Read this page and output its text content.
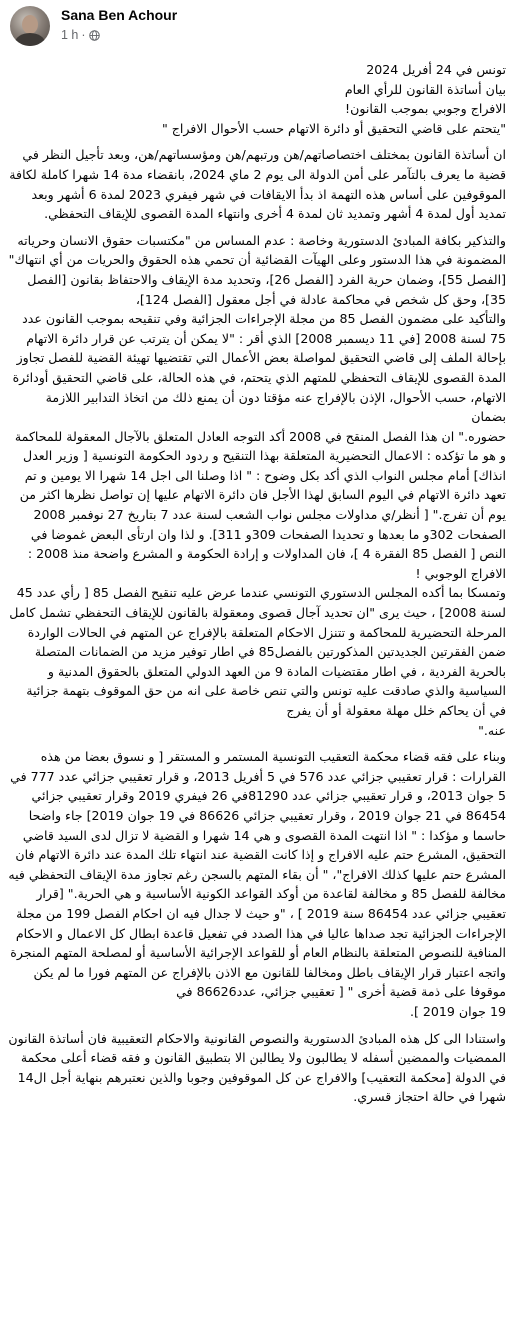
Sana Ben Achour
1 h ·

تونس في 24 أفريل 2024
بيان أساتذة القانون للرأي العام
الافراج وجوبي بموجب القانون!
"يتحتم على قاضي التحقيق أو دائرة الاتهام حسب الأحوال الافراج "

ان أساتذة القانون بمختلف اختصاصاتهم/هن ورتبهم/هن ومؤسساتهم/هن، وبعد تأجيل النظر في قضية ما يعرف بالتآمر على أمن الدولة الى يوم 2 ماي 2024، بانقضاء مدة 14 شهرا كاملة لكافة الموقوفين على أساس هذه التهمة اذ بدأ الايقافات في شهر فيفري 2023 لمدة 6 أشهر وبعد تمديد أول لمدة 4 أشهر وتمديد ثان لمدة 4 أخرى وانتهاء المدة القصوى للإيقاف التحفظي.

والتذكير بكافة المبادئ الدستورية وخاصة : عدم المساس من "مكتسبات حقوق الانسان وحرياته المضمونة في هذا الدستور وعلى الهيآت القضائية أن تحمي هذه الحقوق والحريات من أي انتهاك" [الفصل 55]، وضمان حرية الفرد [الفصل 26]، وتحديد مدة الإيقاف والاحتفاظ بقانون [الفصل 35]، وحق كل شخص في محاكمة عادلة في أجل معقول [الفصل 124]،
والتأكيد على مضمون الفصل 85 من مجلة الإجراءات الجزائية وفي تنقيحه بموجب القانون عدد 75 لسنة 2008 [في 11 ديسمبر 2008] الذي أقر : "لا يمكن أن يترتب عن قرار دائرة الاتهام بإحالة الملف إلى قاضي التحقيق لمواصلة بعض الأعمال التي تقتضيها تهيئة القضية للفصل تجاوز المدة القصوى للإيقاف التحفظي للمتهم الذي يتحتم، في هذه الحالة، على قاضي التحقيق أودائرة الاتهام، حسب الأحوال، الإذن بالإفراج عنه مؤقتا دون أن يمنع ذلك من اتخاذ التدابير اللازمة بضمان
حضوره." ان هذا الفصل المنقح في 2008 أكد التوجه العادل المتعلق بالآجال المعقولة للمحاكمة و هو ما تؤكده : الاعمال التحضيرية المتعلقة بهذا التنقيح و ردود الحكومة التونسية [ وزير العدل انذاك] أمام مجلس النواب الذي أكد بكل وضوح : " اذا وصلنا الى اجل 14 شهرا الا يومين و تم تعهد دائرة الاتهام في اليوم السابق لهذا الأجل فان دائرة الاتهام عليها إن تواصل نظرها اكثر من يوم أن تفرج." [ أنظر/ي مداولات مجلس نواب الشعب لسنة عدد 7 بتاريخ 27 نوفمبر 2008 الصفحات 302و ما بعدها و تحديدا الصفحات 309و 311]. و لذا وان ارتأى البعض غموضا في النص [ الفصل 85 الفقرة 4 ]، فان المداولات و إرادة الحكومة و المشرع واضحة منذ 2008 : الافراج الوجوبي !
وتمسكا بما أكده المجلس الدستوري التونسي عندما عرض عليه تنقيح الفصل 85 [ رأي عدد 45 لسنة 2008] ، حيث يرى "ان تحديد آجال قصوى ومعقولة بالقانون للإيقاف التحفظي تشمل كامل المرحلة التحضيرية للمحاكمة و تتنزل الاحكام المتعلقة بالإفراج عن المتهم في الحالات الواردة ضمن الفقرتين الجديدتين المذكورتين بالفصل85 في اطار توفير مزيد من الضمانات المتصلة بالحرية الفردية ، في اطار مقتضيات المادة 9 من العهد الدولي المتعلق بالحقوق المدنية و السياسية والذي صادقت عليه تونس والتي تنص خاصة على انه من حق الموقوف بتهمة جزائية في أن يحاكم خلل مهلة معقولة أو أن يفرج
عنه."

وبناء على فقه قضاء محكمة التعقيب التونسية المستمر و المستقر [ و نسوق بعضا من هذه القرارات : قرار تعقيبي جزائي عدد 576 في 5 أفريل 2013، و قرار تعقيبي جزائي عدد 777 في 5 جوان 2013، و قرار تعقيبي جزائي عدد 81290في 26 فيفري 2019 وقرار تعقيبي جزائي 86454 في 21 جوان 2019 ، وقرار تعقيبي جزائي 86626 في 19 جوان 2019] جاء واضحا حاسما و مؤكدا : " اذا انتهت المدة القصوى و هي 14 شهرا و القضية لا تزال لدى السيد قاضي التحقيق، المشرع حتم عليه الافراج و إذا كانت القضية عند انتهاء تلك المدة عند دائرة الاتهام فان المشرع حتم عليها كذلك الافراج"، " أن بقاء المتهم بالسجن رغم تجاوز مدة الإيقاف التحفظي فيه مخالفة للفصل 85 و مخالفة لقاعدة من أوكد القواعد الكونية الأساسية و هي الحرية." [قرار تعقيبي جزائي عدد 86454 سنة 2019 ] ، "و حيث لا جدال فيه ان احكام الفصل 199 من مجلة الإجراءات الجزائية تجد صداها عاليا في هذا الصدد في تفعيل قاعدة ابطال كل الاعمال و الاحكام المنافية للنصوص المتعلقة بالنظام العام أو للقواعد الإجرائية الأساسية أو لمصلحة المتهم المنجرة واتجه اعتبار قرار الإيقاف باطل ومخالفا للقانون مع الاذن بالإفراج عن المتهم فورا ما لم يكن موقوفا على ذمة قضية أخرى " [ تعقيبي جزائي، عدد86626 في
19 جوان 2019 ].

واستنادا الى كل هذه المبادئ الدستورية والنصوص القانونية والاحكام التعقيبية فان أساتذة القانون الممضيات والممضين أسفله لا يطالبون ولا يطالبن الا بتطبيق القانون و فقه قضاء أعلى محكمة في الدولة [محكمة التعقيب] والافراج عن كل الموقوفين وجوبا والذين نعتبرهم بنهاية أجل ال14 شهرا في حالة احتجاز قسري.
